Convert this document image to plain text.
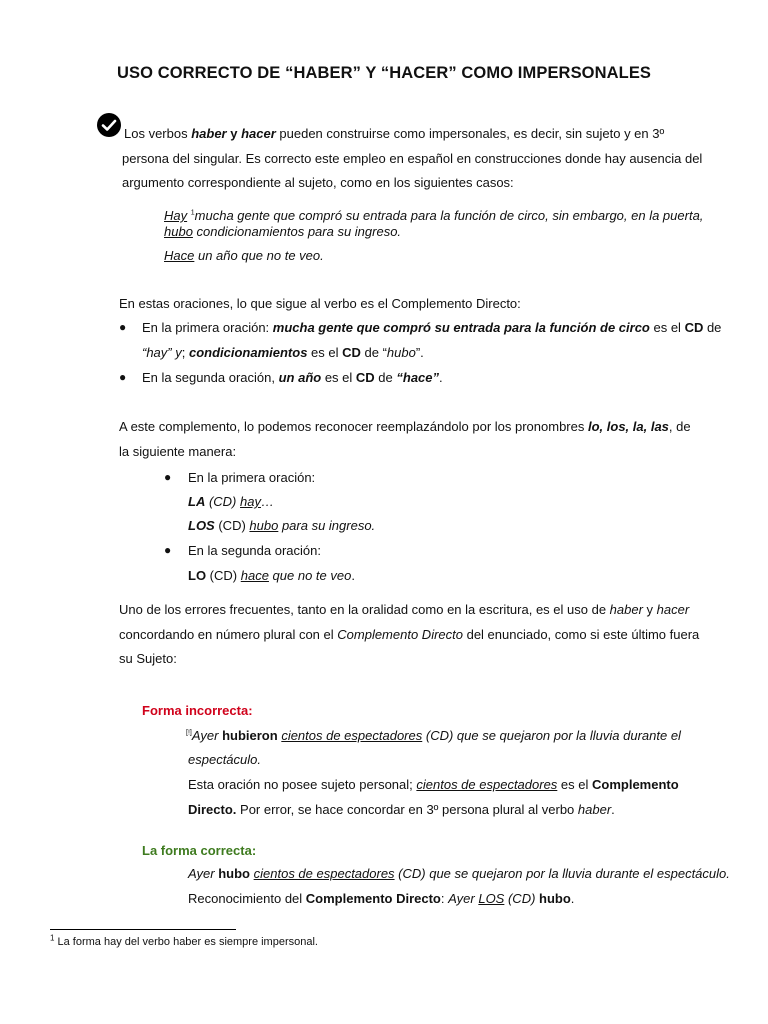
USO CORRECTO DE “HABER” Y “HACER” COMO IMPERSONALES
Los verbos haber y hacer pueden construirse como impersonales, es decir, sin sujeto y en 3º
persona del singular. Es correcto este empleo en español en construcciones donde hay ausencia del
argumento correspondiente al sujeto, como en los siguientes casos:
Hay $^1$mucha gente que compró su entrada para la función de circo, sin embargo, en la puerta,
hubo condicionamientos para su ingreso.
Hace un año que no te veo.
En estas oraciones, lo que sigue al verbo es el Complemento Directo:
● En la primera oración: mucha gente que compró su entrada para la función de circo es el CD de
“hay” y; condicionamientos es el CD de “hubo”.
● En la segunda oración, un año es el CD de “hace”.
A este complemento, lo podemos reconocer reemplazándolo por los pronombres lo, los, la, las, de
la siguiente manera:
● En la primera oración:
LA (CD) hay…
LOS (CD) hubo para su ingreso.
● En la segunda oración:
LO (CD) hace que no te veo.
Uno de los errores frecuentes, tanto en la oralidad como en la escritura, es el uso de haber y hacer
concordando en número plural con el Complemento Directo del enunciado, como si este último fuera
su Sujeto:
Forma incorrecta:
[!]Ayer hubieron cientos de espectadores (CD) que se quejaron por la lluvia durante el
espectáculo.
Esta oración no posee sujeto personal; cientos de espectadores es el Complemento
Directo. Por error, se hace concordar en 3º persona plural al verbo haber.
La forma correcta:
Ayer hubo cientos de espectadores (CD) que se quejaron por la lluvia durante el espectáculo.
Reconocimiento del Complemento Directo: Ayer LOS (CD) hubo.
$^1$ La forma hay del verbo haber es siempre impersonal.
